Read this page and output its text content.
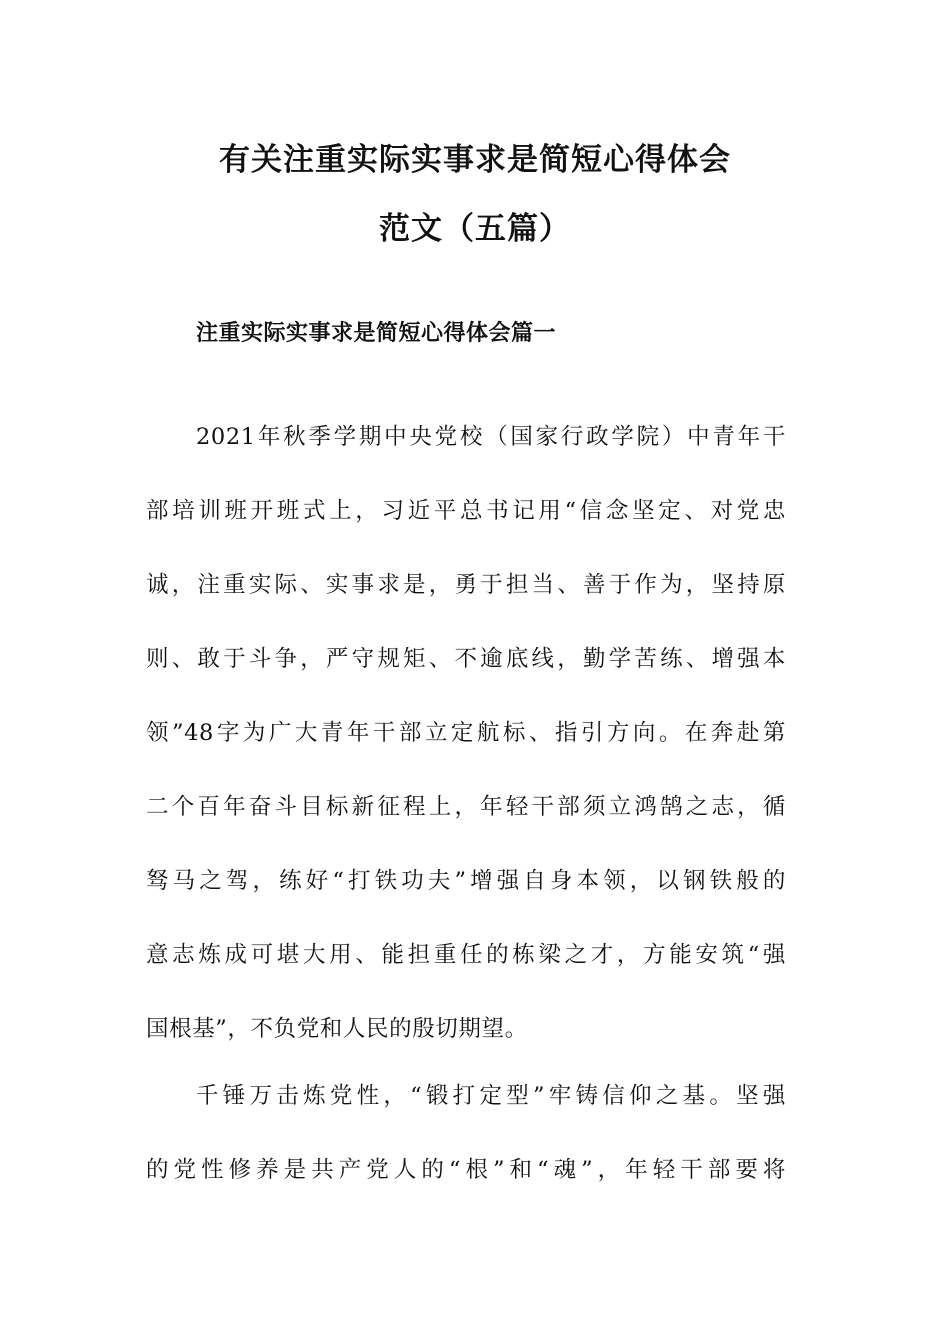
有关注重实际实事求是简短心得体会
范文（五篇）
注重实际实事求是简短心得体会篇一
2021年秋季学期中央党校（国家行政学院）中青年干
部培训班开班式上，习近平总书记用“信念坚定、对党忠
诚，注重实际、实事求是，勇于担当、善于作为，坚持原
则、敢于斗争，严守规矩、不逾底线，勤学苦练、增强本
领”48字为广大青年干部立定航标、指引方向。在奔赴第
二个百年奋斗目标新征程上，年轻干部须立鸿鹄之志，循
驽马之驾，练好“打铁功夫”增强自身本领，以钢铁般的
意志炼成可堪大用、能担重任的栋梁之才，方能安筑“强
国根基”，不负党和人民的殷切期望。
千锤万击炼党性，“锻打定型”牢铸信仰之基。坚强
的党性修养是共产党人的“根”和“魂”，年轻干部要将
